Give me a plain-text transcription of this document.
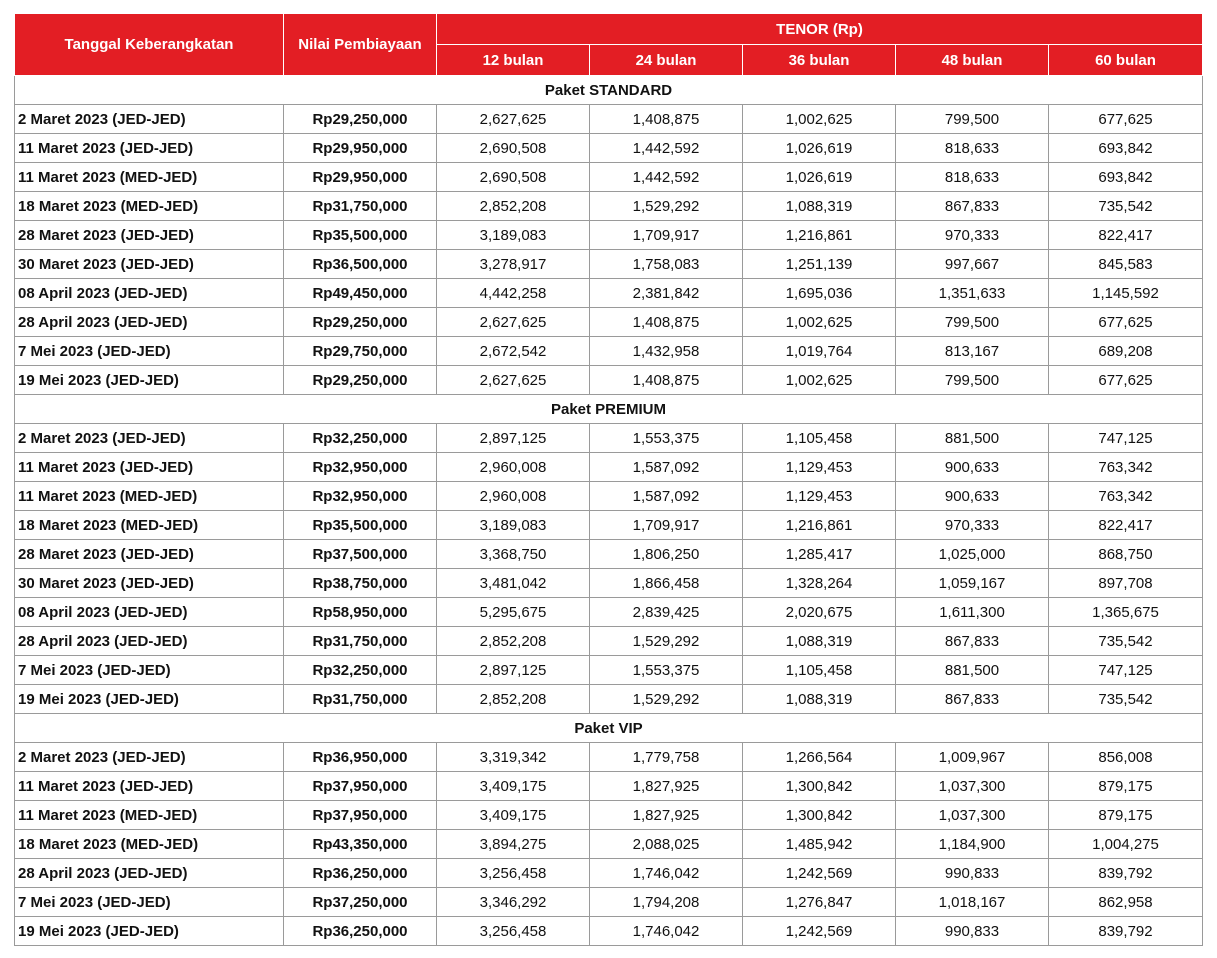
Tanggal Keberangkatan	Nilai Pembiayaan	TENOR (Rp)				
		12 bulan	24 bulan	36 bulan	48 bulan	60 bulan
Paket STANDARD						
2 Maret 2023 (JED-JED)	Rp29,250,000	2,627,625	1,408,875	1,002,625	799,500	677,625
11 Maret 2023 (JED-JED)	Rp29,950,000	2,690,508	1,442,592	1,026,619	818,633	693,842
11 Maret 2023 (MED-JED)	Rp29,950,000	2,690,508	1,442,592	1,026,619	818,633	693,842
18 Maret 2023 (MED-JED)	Rp31,750,000	2,852,208	1,529,292	1,088,319	867,833	735,542
28 Maret 2023 (JED-JED)	Rp35,500,000	3,189,083	1,709,917	1,216,861	970,333	822,417
30 Maret 2023 (JED-JED)	Rp36,500,000	3,278,917	1,758,083	1,251,139	997,667	845,583
08 April 2023 (JED-JED)	Rp49,450,000	4,442,258	2,381,842	1,695,036	1,351,633	1,145,592
28 April 2023 (JED-JED)	Rp29,250,000	2,627,625	1,408,875	1,002,625	799,500	677,625
7 Mei 2023 (JED-JED)	Rp29,750,000	2,672,542	1,432,958	1,019,764	813,167	689,208
19 Mei 2023 (JED-JED)	Rp29,250,000	2,627,625	1,408,875	1,002,625	799,500	677,625
Paket PREMIUM						
2 Maret 2023 (JED-JED)	Rp32,250,000	2,897,125	1,553,375	1,105,458	881,500	747,125
11 Maret 2023 (JED-JED)	Rp32,950,000	2,960,008	1,587,092	1,129,453	900,633	763,342
11 Maret 2023 (MED-JED)	Rp32,950,000	2,960,008	1,587,092	1,129,453	900,633	763,342
18 Maret 2023 (MED-JED)	Rp35,500,000	3,189,083	1,709,917	1,216,861	970,333	822,417
28 Maret 2023 (JED-JED)	Rp37,500,000	3,368,750	1,806,250	1,285,417	1,025,000	868,750
30 Maret 2023 (JED-JED)	Rp38,750,000	3,481,042	1,866,458	1,328,264	1,059,167	897,708
08 April 2023 (JED-JED)	Rp58,950,000	5,295,675	2,839,425	2,020,675	1,611,300	1,365,675
28 April 2023 (JED-JED)	Rp31,750,000	2,852,208	1,529,292	1,088,319	867,833	735,542
7 Mei 2023 (JED-JED)	Rp32,250,000	2,897,125	1,553,375	1,105,458	881,500	747,125
19 Mei 2023 (JED-JED)	Rp31,750,000	2,852,208	1,529,292	1,088,319	867,833	735,542
Paket VIP						
2 Maret 2023 (JED-JED)	Rp36,950,000	3,319,342	1,779,758	1,266,564	1,009,967	856,008
11 Maret 2023 (JED-JED)	Rp37,950,000	3,409,175	1,827,925	1,300,842	1,037,300	879,175
11 Maret 2023 (MED-JED)	Rp37,950,000	3,409,175	1,827,925	1,300,842	1,037,300	879,175
18 Maret 2023 (MED-JED)	Rp43,350,000	3,894,275	2,088,025	1,485,942	1,184,900	1,004,275
28 April 2023 (JED-JED)	Rp36,250,000	3,256,458	1,746,042	1,242,569	990,833	839,792
7 Mei 2023 (JED-JED)	Rp37,250,000	3,346,292	1,794,208	1,276,847	1,018,167	862,958
19 Mei 2023 (JED-JED)	Rp36,250,000	3,256,458	1,746,042	1,242,569	990,833	839,792
